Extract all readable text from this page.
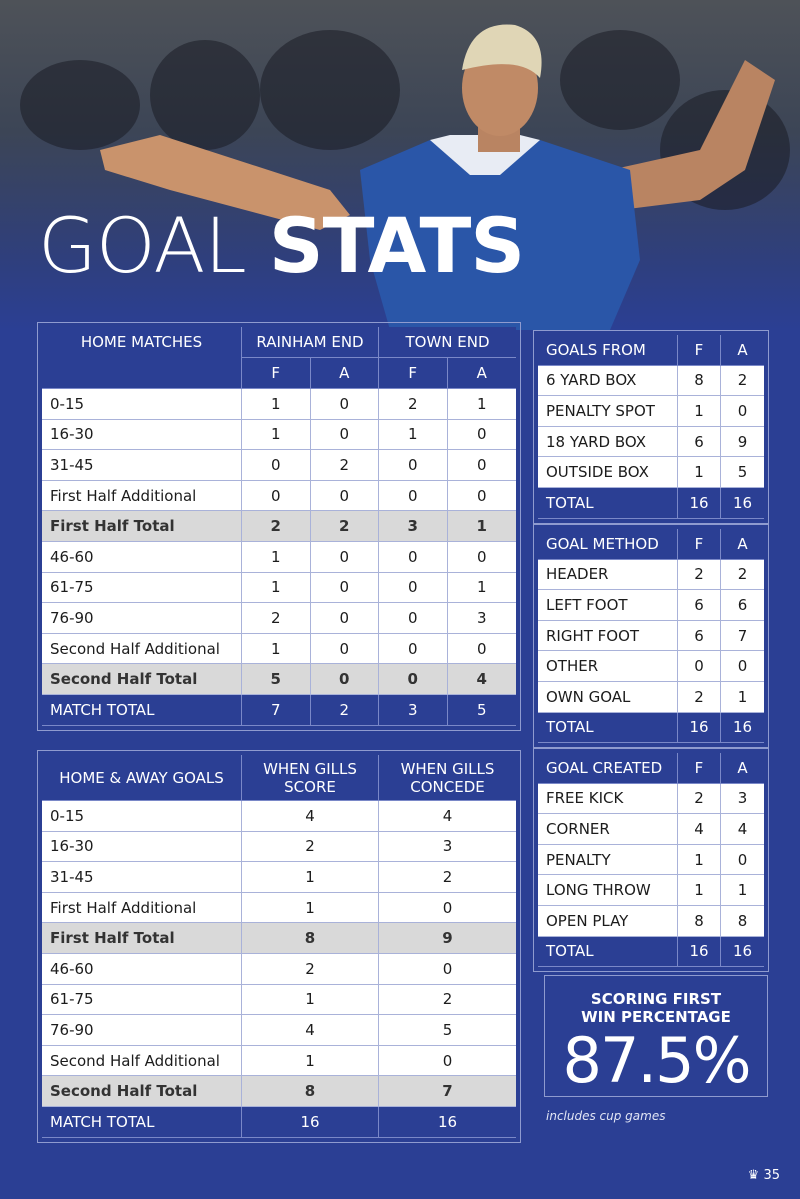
GOAL STATS
HOME MATCHES	RAINHAM END		TOWN END	
	F	A	F	A
0-15	1	0	2	1
16-30	1	0	1	0
31-45	0	2	0	0
First Half Additional	0	0	0	0
First Half Total	2	2	3	1
46-60	1	0	0	0
61-75	1	0	0	1
76-90	2	0	0	3
Second Half Additional	1	0	0	0
Second Half Total	5	0	0	4
MATCH TOTAL	7	2	3	5
HOME & AWAY GOALS	WHEN GILLS SCORE	WHEN GILLS CONCEDE
0-15	4	4
16-30	2	3
31-45	1	2
First Half Additional	1	0
First Half Total	8	9
46-60	2	0
61-75	1	2
76-90	4	5
Second Half Additional	1	0
Second Half Total	8	7
MATCH TOTAL	16	16
GOALS FROM	F	A
6 YARD BOX	8	2
PENALTY SPOT	1	0
18 YARD BOX	6	9
OUTSIDE BOX	1	5
TOTAL	16	16
GOAL METHOD	F	A
HEADER	2	2
LEFT FOOT	6	6
RIGHT FOOT	6	7
OTHER	0	0
OWN GOAL	2	1
TOTAL	16	16
GOAL CREATED	F	A
FREE KICK	2	3
CORNER	4	4
PENALTY	1	0
LONG THROW	1	1
OPEN PLAY	8	8
TOTAL	16	16
SCORING FIRST
WIN PERCENTAGE
87.5%
includes cup games
♛ 35
